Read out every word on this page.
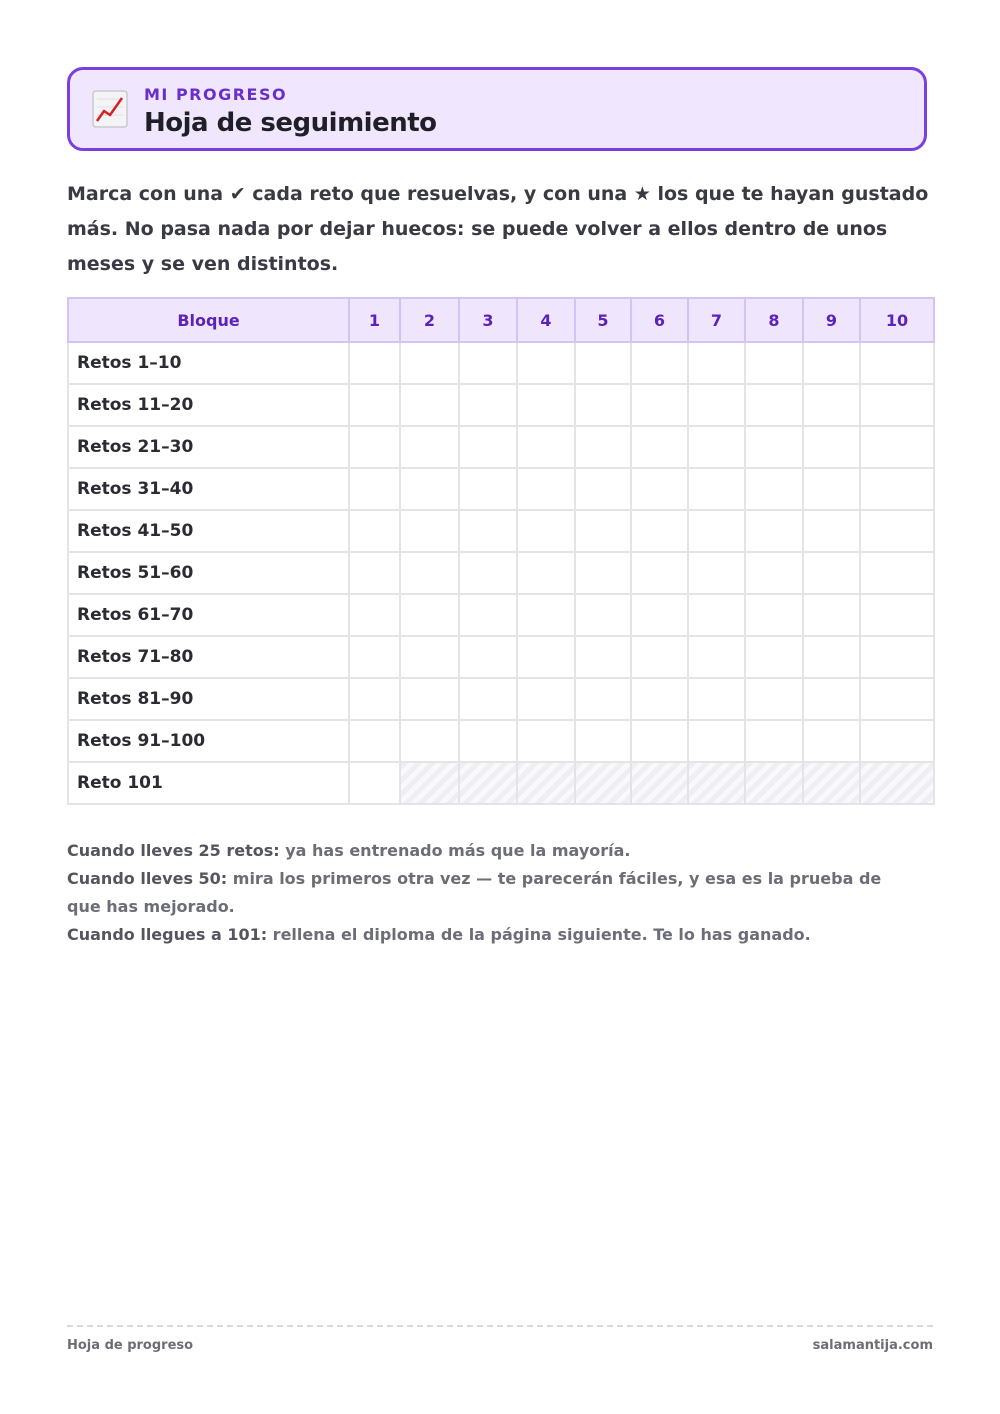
MI PROGRESO
Hoja de seguimiento

Marca con una ✔ cada reto que resuelvas, y con una ★ los que te hayan gustado más. No pasa nada por dejar huecos: se puede volver a ellos dentro de unos meses y se ven distintos.

Bloque	1	2	3	4	5	6	7	8	9	10
Retos 1–10										
Retos 11–20										
Retos 21–30										
Retos 31–40										
Retos 41–50										
Retos 51–60										
Retos 61–70										
Retos 71–80										
Retos 81–90										
Retos 91–100										
Reto 101										

Cuando lleves 25 retos: ya has entrenado más que la mayoría.

Cuando lleves 50: mira los primeros otra vez — te parecerán fáciles, y esa es la prueba de que has mejorado.

Cuando llegues a 101: rellena el diploma de la página siguiente. Te lo has ganado.

Hoja de progreso	salamantija.com
